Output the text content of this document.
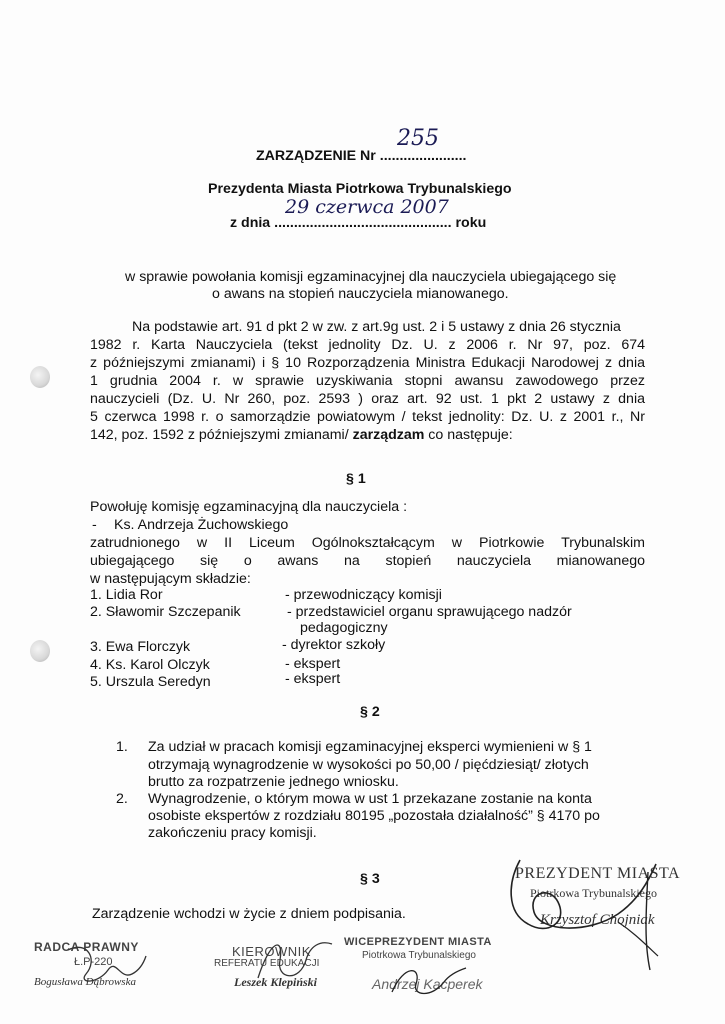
ZARZĄDZENIE Nr ......................
255
Prezydenta Miasta Piotrkowa Trybunalskiego
z dnia ............................................. roku
29 czerwca 2007
w sprawie powołania komisji egzaminacyjnej dla nauczyciela ubiegającego się
o awans na stopień nauczyciela mianowanego.
Na podstawie art. 91 d pkt 2 w zw. z art.9g ust. 2 i 5 ustawy z dnia 26 stycznia
1982 r. Karta Nauczyciela (tekst jednolity Dz. U. z 2006 r. Nr 97, poz. 674
z późniejszymi zmianami) i § 10 Rozporządzenia Ministra Edukacji Narodowej z dnia
1 grudnia 2004 r. w sprawie uzyskiwania stopni awansu zawodowego przez
nauczycieli (Dz. U. Nr 260, poz. 2593 ) oraz art. 92 ust. 1 pkt 2 ustawy z dnia
5 czerwca 1998 r. o samorządzie powiatowym / tekst jednolity: Dz. U. z 2001 r., Nr
142, poz. 1592 z późniejszymi zmianami/ zarządzam co następuje:
§ 1
Powołuję komisję egzaminacyjną dla nauczyciela :
- Ks. Andrzeja Żuchowskiego
zatrudnionego w II Liceum Ogólnokształcącym w Piotrkowie Trybunalskim
ubiegającego się o awans na stopień nauczyciela mianowanego
w następującym składzie:
1. Lidia Ror	- przewodniczący komisji
2. Sławomir Szczepanik	- przedstawiciel organu sprawującego nadzór
pedagogiczny
3. Ewa Florczyk	- dyrektor szkoły
4. Ks. Karol Olczyk	- ekspert
5. Urszula Seredyn	- ekspert
§ 2
1. Za udział w pracach komisji egzaminacyjnej eksperci wymienieni w § 1
otrzymają wynagrodzenie w wysokości po 50,00 / pięćdziesiąt/ złotych
brutto za rozpatrzenie jednego wniosku.
2. Wynagrodzenie, o którym mowa w ust 1 przekazane zostanie na konta
osobiste ekspertów z rozdziału 80195 „pozostała działalność” § 4170 po
zakończeniu pracy komisji.
§ 3
Zarządzenie wchodzi w życie z dniem podpisania.
PREZYDENT MIASTA
Piotrkowa Trybunalskiego
Krzysztof Chojniak
RADCA PRAWNY
Ł.P-220
Bogusława Dąbrowska
KIEROWNIK
REFERATU EDUKACJI
Leszek Klepiński
WICEPREZYDENT MIASTA
Piotrkowa Trybunalskiego
Andrzej Kacperek
